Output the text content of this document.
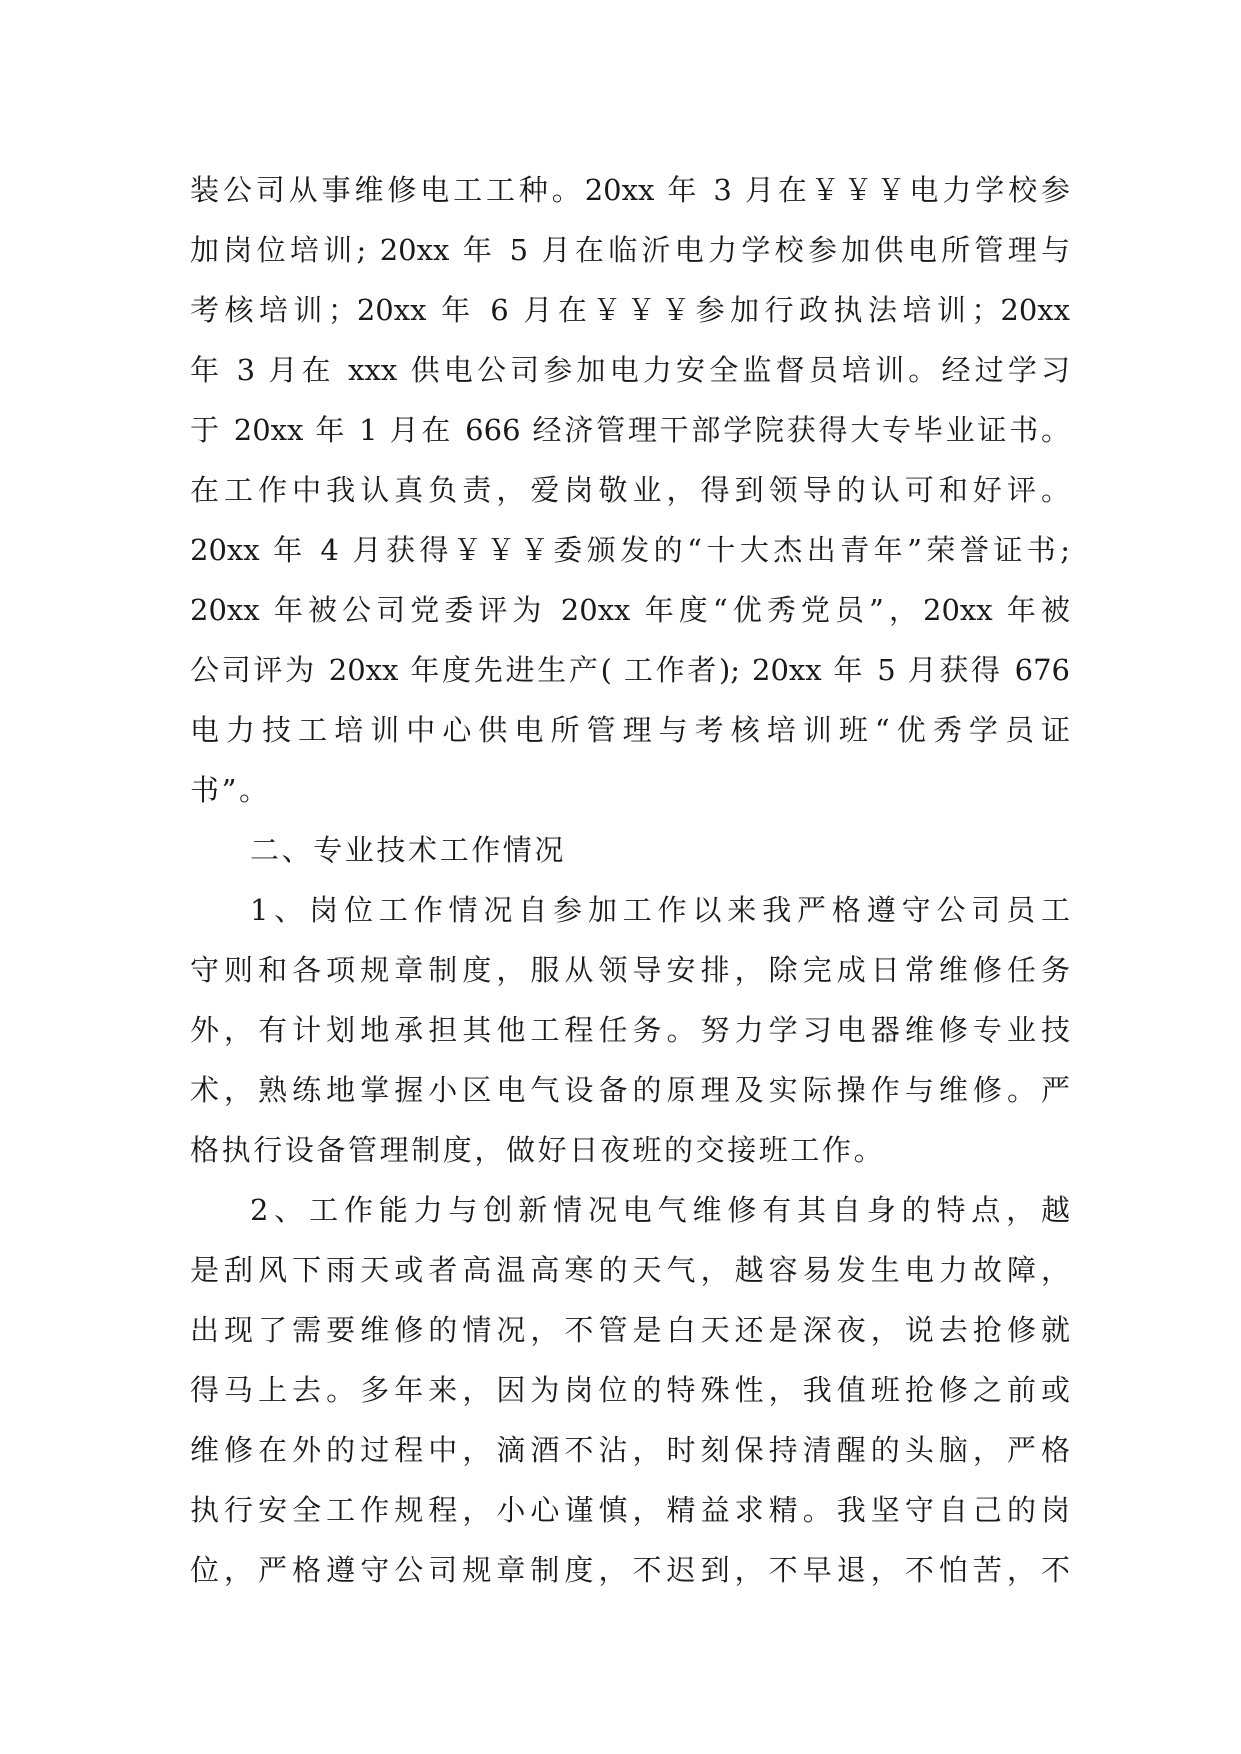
装公司从事维修电工工种。20xx 年 3 月在￥￥￥电力学校参
加岗位培训; 20xx 年 5 月在临沂电力学校参加供电所管理与
考核培训；20xx 年 6 月在￥￥￥参加行政执法培训；20xx
年 3 月在 xxx 供电公司参加电力安全监督员培训。经过学习
于 20xx 年 1 月在 666 经济管理干部学院获得大专毕业证书。
在工作中我认真负责，爱岗敬业，得到领导的认可和好评。
20xx 年 4 月获得￥￥￥委颁发的“十大杰出青年”荣誉证书;
20xx 年被公司党委评为 20xx 年度“优秀党员”，20xx 年被
公司评为 20xx 年度先进生产( 工作者); 20xx 年 5 月获得 676
电力技工培训中心供电所管理与考核培训班“优秀学员证
书”。
二、专业技术工作情况
1、岗位工作情况自参加工作以来我严格遵守公司员工
守则和各项规章制度，服从领导安排，除完成日常维修任务
外，有计划地承担其他工程任务。努力学习电器维修专业技
术，熟练地掌握小区电气设备的原理及实际操作与维修。严
格执行设备管理制度，做好日夜班的交接班工作。
2、工作能力与创新情况电气维修有其自身的特点，越
是刮风下雨天或者高温高寒的天气，越容易发生电力故障，
出现了需要维修的情况，不管是白天还是深夜，说去抢修就
得马上去。多年来，因为岗位的特殊性，我值班抢修之前或
维修在外的过程中，滴酒不沾，时刻保持清醒的头脑，严格
执行安全工作规程，小心谨慎，精益求精。我坚守自己的岗
位，严格遵守公司规章制度，不迟到，不早退，不怕苦，不
